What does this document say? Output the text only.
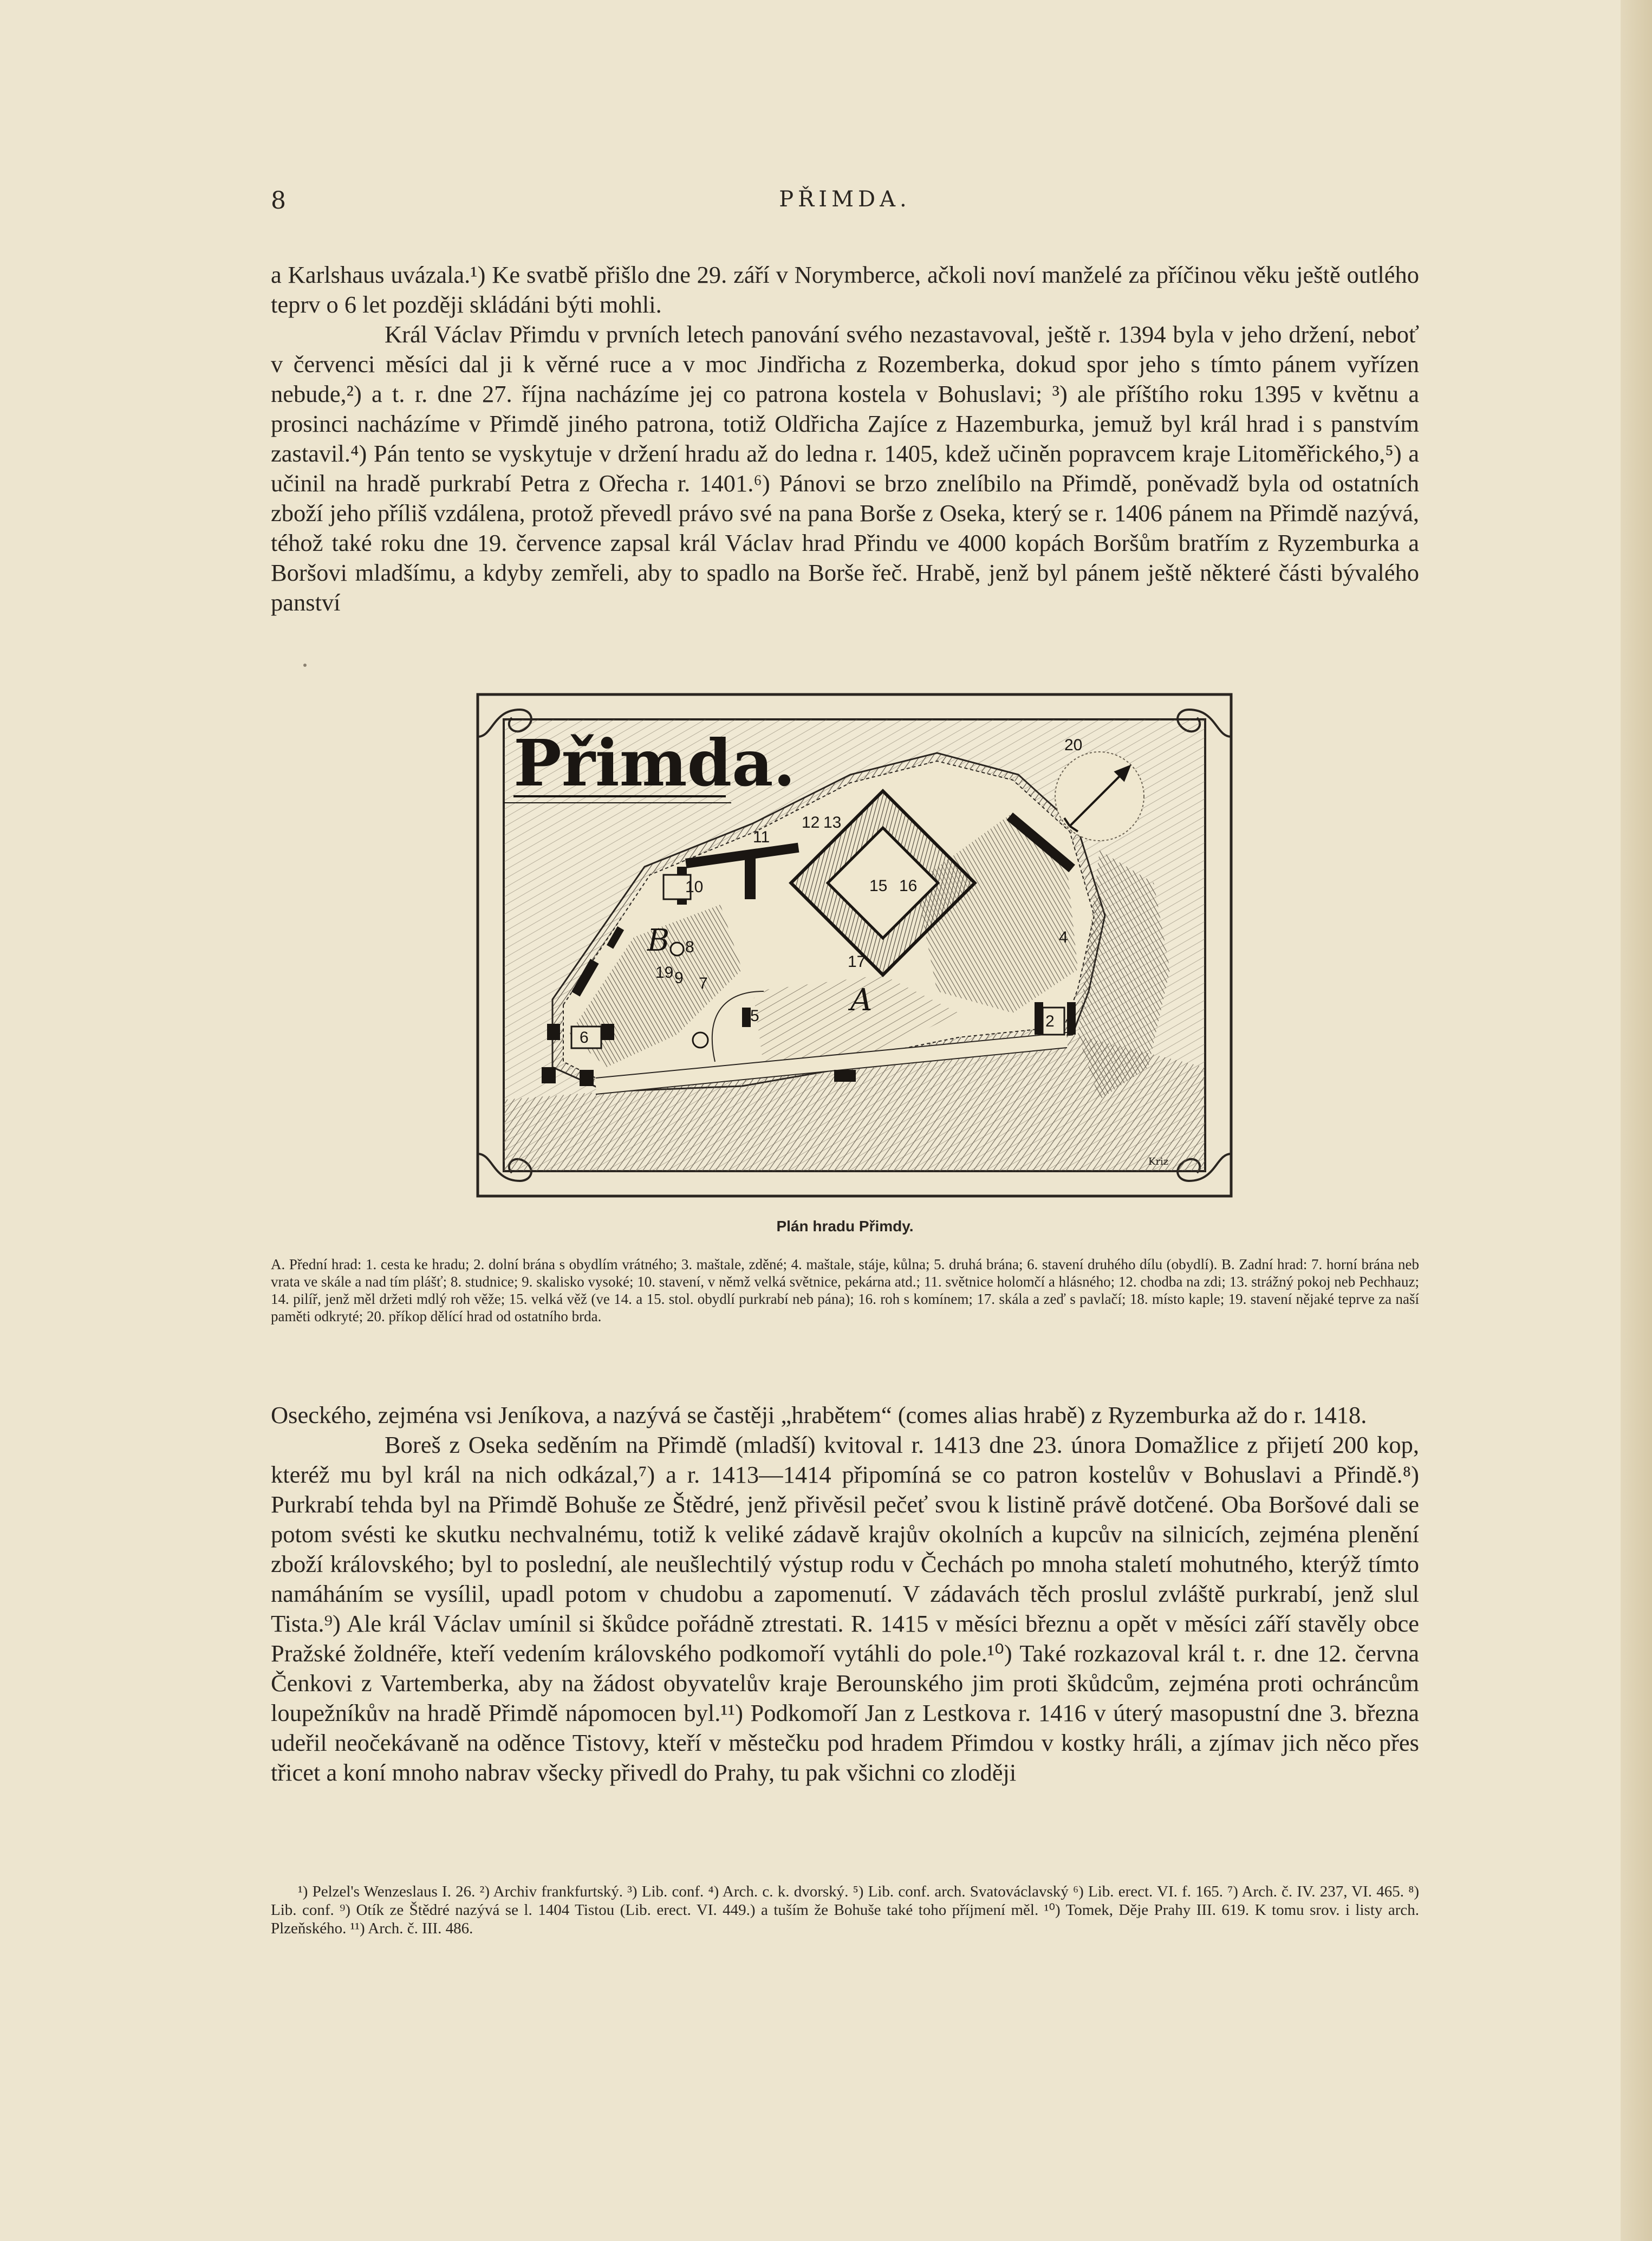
8	PŘIMDA.

a Karlshaus uvázala.¹) Ke svatbě přišlo dne 29. září v Norymberce, ačkoli noví manželé za příčinou věku ještě outlého teprv o 6 let později skládáni býti mohli.

Král Václav Přimdu v prvních letech panování svého nezastavoval, ještě r. 1394 byla v jeho držení, neboť v červenci měsíci dal ji k věrné ruce a v moc Jindřicha z Rozemberka, dokud spor jeho s tímto pánem vyřízen nebude,²) a t. r. dne 27. října nacházíme jej co patrona kostela v Bohuslavi; ³) ale příštího roku 1395 v květnu a prosinci nacházíme v Přimdě jiného patrona, totiž Oldřicha Zajíce z Hazemburka, jemuž byl král hrad i s panstvím zastavil.⁴) Pán tento se vyskytuje v držení hradu až do ledna r. 1405, kdež učiněn popravcem kraje Litoměřického,⁵) a učinil na hradě purkrabí Petra z Ořecha r. 1401.⁶) Pánovi se brzo znelíbilo na Přimdě, poněvadž byla od ostatních zboží jeho příliš vzdálena, protož převedl právo své na pana Borše z Oseka, který se r. 1406 pánem na Přimdě nazývá, téhož také roku dne 19. července zapsal král Václav hrad Přindu ve 4000 kopách Boršům bratřím z Ryzemburka a Boršovi mladšímu, a kdyby zemřeli, aby to spadlo na Borše řeč. Hrabě, jenž byl pánem ještě některé části bývalého panství

Přimda.
11
10	15 16
13
12
20
4
17
19 9 7
8
5
6
2
B
A
Kriz
Plán hradu Přimdy.
A. Přední hrad: 1. cesta ke hradu; 2. dolní brána s obydlím vrátného; 3. maštale, zděné; 4. maštale, stáje, kůlna; 5. druhá brána; 6. stavení druhého dílu (obydlí). B. Zadní hrad: 7. horní brána neb vrata ve skále a nad tím plášť; 8. studnice; 9. skalisko vysoké; 10. stavení, v němž velká světnice, pekárna atd.; 11. světnice holomčí a hlásného; 12. chodba na zdi; 13. strážný pokoj neb Pechhauz; 14. pilíř, jenž měl držeti mdlý roh věže; 15. velká věž (ve 14. a 15. stol. obydlí purkrabí neb pána); 16. roh s komínem; 17. skála a zeď s pavlačí; 18. místo kaple; 19. stavení nějaké teprve za naší paměti odkryté; 20. příkop dělící hrad od ostatního brda.

Oseckého, zejména vsi Jeníkova, a nazývá se častěji „hrabětem“ (comes alias hrabě) z Ryzemburka až do r. 1418.

Boreš z Oseka seděním na Přimdě (mladší) kvitoval r. 1413 dne 23. února Domažlice z přijetí 200 kop, kteréž mu byl král na nich odkázal,⁷) a r. 1413—1414 připomíná se co patron kostelův v Bohuslavi a Přindě.⁸) Purkrabí tehda byl na Přimdě Bohuše ze Štědré, jenž přivěsil pečeť svou k listině právě dotčené. Oba Boršové dali se potom svésti ke skutku nechvalnému, totiž k veliké zádavě krajův okolních a kupcův na silnicích, zejména plenění zboží královského; byl to poslední, ale neušlechtilý výstup rodu v Čechách po mnoha staletí mohutného, kterýž tímto namáháním se vysílil, upadl potom v chudobu a zapomenutí. V zádavách těch proslul zvláště purkrabí, jenž slul Tista.⁹) Ale král Václav umínil si škůdce pořádně ztrestati. R. 1415 v měsíci březnu a opět v měsíci září stavěly obce Pražské žoldnéře, kteří vedením královského podkomoří vytáhli do pole.¹⁰) Také rozkazoval král t. r. dne 12. června Čenkovi z Vartemberka, aby na žádost obyvatelův kraje Berounského jim proti škůdcům, zejména proti ochráncům loupežníkův na hradě Přimdě nápomocen byl.¹¹) Podkomoří Jan z Lestkova r. 1416 v úterý masopustní dne 3. března udeřil neočekávaně na oděnce Tistovy, kteří v městečku pod hradem Přimdou v kostky hráli, a zjímav jich něco přes třicet a koní mnoho nabrav všecky přivedl do Prahy, tu pak všichni co zloději

¹) Pelzel's Wenzeslaus I. 26. ²) Archiv frankfurtský. ³) Lib. conf. ⁴) Arch. c. k. dvorský. ⁵) Lib. conf. arch. Svatováclavský ⁶) Lib. erect. VI. f. 165. ⁷) Arch. č. IV. 237, VI. 465. ⁸) Lib. conf. ⁹) Otík ze Štědré nazývá se l. 1404 Tistou (Lib. erect. VI. 449.) a tuším že Bohuše také toho příjmení měl. ¹⁰) Tomek, Děje Prahy III. 619. K tomu srov. i listy arch. Plzeňského. ¹¹) Arch. č. III. 486.
